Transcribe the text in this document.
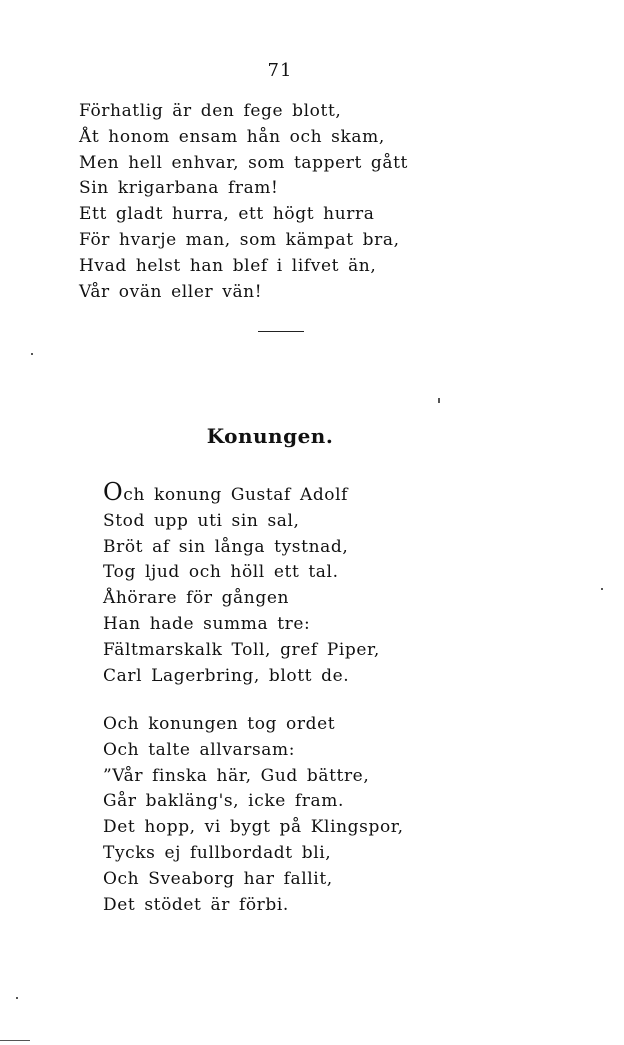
71
Förhatlig är den fege blott,
Åt honom ensam hån och skam,
Men hell enhvar, som tappert gått
Sin krigarbana fram!
Ett gladt hurra, ett högt hurra
För hvarje man, som kämpat bra,
Hvad helst han blef i lifvet än,
Vår ovän eller vän!
Konungen.
Och konung Gustaf Adolf
Stod upp uti sin sal,
Bröt af sin långa tystnad,
Tog ljud och höll ett tal.
Åhörare för gången
Han hade summa tre:
Fältmarskalk Toll, gref Piper,
Carl Lagerbring, blott de.
Och konungen tog ordet
Och talte allvarsam:
”Vår finska här, Gud bättre,
Går bakläng's, icke fram.
Det hopp, vi bygt på Klingspor,
Tycks ej fullbordadt bli,
Och Sveaborg har fallit,
Det stödet är förbi.
